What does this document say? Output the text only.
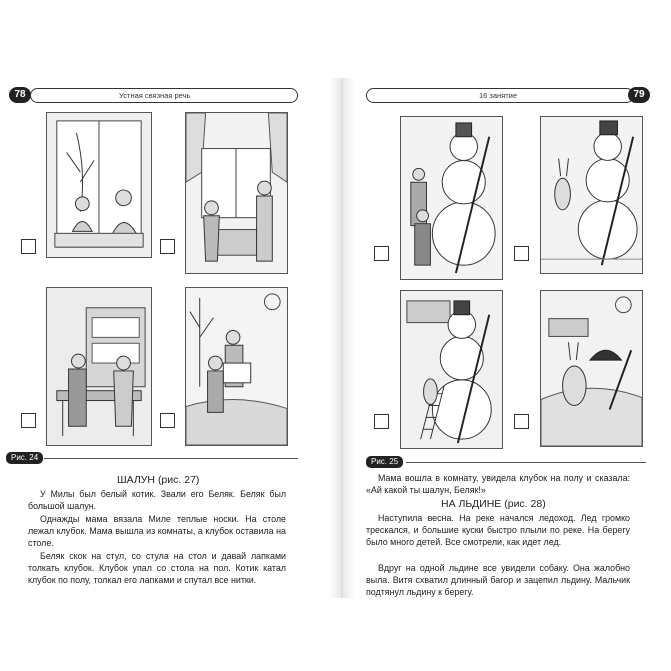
78	Устная связная речь	16 занятие	79
Рис. 24	Рис. 25
ШАЛУН (рис. 27)

У Милы был белый котик. Звали его Беляк. Беляк был большой шалун.

Однажды мама вязала Миле теплые носки. На столе лежал клубок. Мама вышла из комнаты, а клубок оставила на столе.

Беляк скок на стул, со стула на стол и давай лапками толкать клубок. Клубок упал со стола на пол. Котик катал клубок по полу, толкал его лапками и спутал все нитки.

Мама вошла в комнату, увидела клубок на полу и сказала: «Ай какой ты шалун, Беляк!»

НА ЛЬДИНЕ (рис. 28)

Наступила весна. На реке начался ледоход. Лед громко трескался, и большие куски быстро плыли по реке. На берегу было много детей. Все смотрели, как идет лед.

Вдруг на одной льдине все увидели собаку. Она жалобно выла. Витя схватил длинный багор и зацепил льдину. Мальчик подтянул льдину к берегу.
